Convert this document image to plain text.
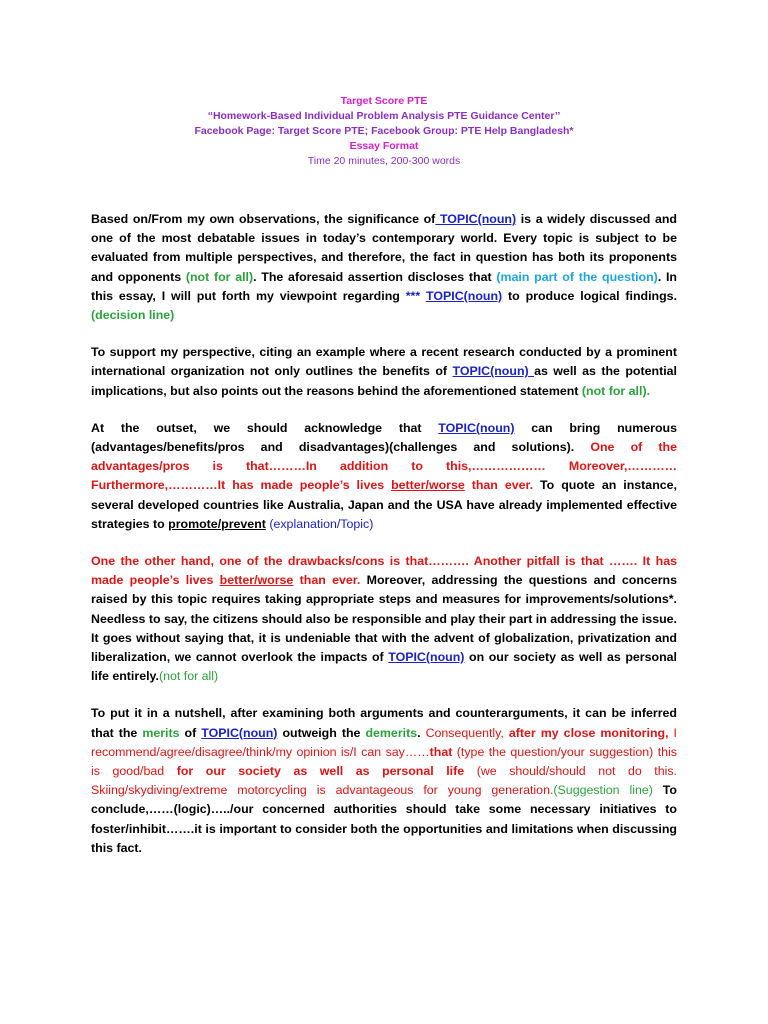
Target Score PTE
“Homework-Based Individual Problem Analysis PTE Guidance Center’’
Facebook Page: Target Score PTE; Facebook Group: PTE Help Bangladesh*
Essay Format
Time 20 minutes, 200-300 words

Based on/From my own observations, the significance of TOPIC(noun) is a widely discussed and one of the most debatable issues in today’s contemporary world. Every topic is subject to be evaluated from multiple perspectives, and therefore, the fact in question has both its proponents and opponents (not for all). The aforesaid assertion discloses that (main part of the question). In this essay, I will put forth my viewpoint regarding *** TOPIC(noun) to produce logical findings. (decision line)

To support my perspective, citing an example where a recent research conducted by a prominent international organization not only outlines the benefits of TOPIC(noun) as well as the potential implications, but also points out the reasons behind the aforementioned statement (not for all).

At the outset, we should acknowledge that TOPIC(noun) can bring numerous (advantages/benefits/pros and disadvantages)(challenges and solutions). One of the advantages/pros is that………In addition to this,……………… Moreover,…………Furthermore,…………It has made people’s lives better/worse than ever. To quote an instance, several developed countries like Australia, Japan and the USA have already implemented effective strategies to promote/prevent (explanation/Topic)

One the other hand, one of the drawbacks/cons is that………. Another pitfall is that ……. It has made people’s lives better/worse than ever. Moreover, addressing the questions and concerns raised by this topic requires taking appropriate steps and measures for improvements/solutions*. Needless to say, the citizens should also be responsible and play their part in addressing the issue. It goes without saying that, it is undeniable that with the advent of globalization, privatization and liberalization, we cannot overlook the impacts of TOPIC(noun) on our society as well as personal life entirely.(not for all)

To put it in a nutshell, after examining both arguments and counterarguments, it can be inferred that the merits of TOPIC(noun) outweigh the demerits. Consequently, after my close monitoring, I recommend/agree/disagree/think/my opinion is/I can say……that (type the question/your suggestion) this is good/bad for our society as well as personal life (we should/should not do this. Skiing/skydiving/extreme motorcycling is advantageous for young generation.(Suggestion line) To conclude,……(logic)…../our concerned authorities should take some necessary initiatives to foster/inhibit…….it is important to consider both the opportunities and limitations when discussing this fact.
